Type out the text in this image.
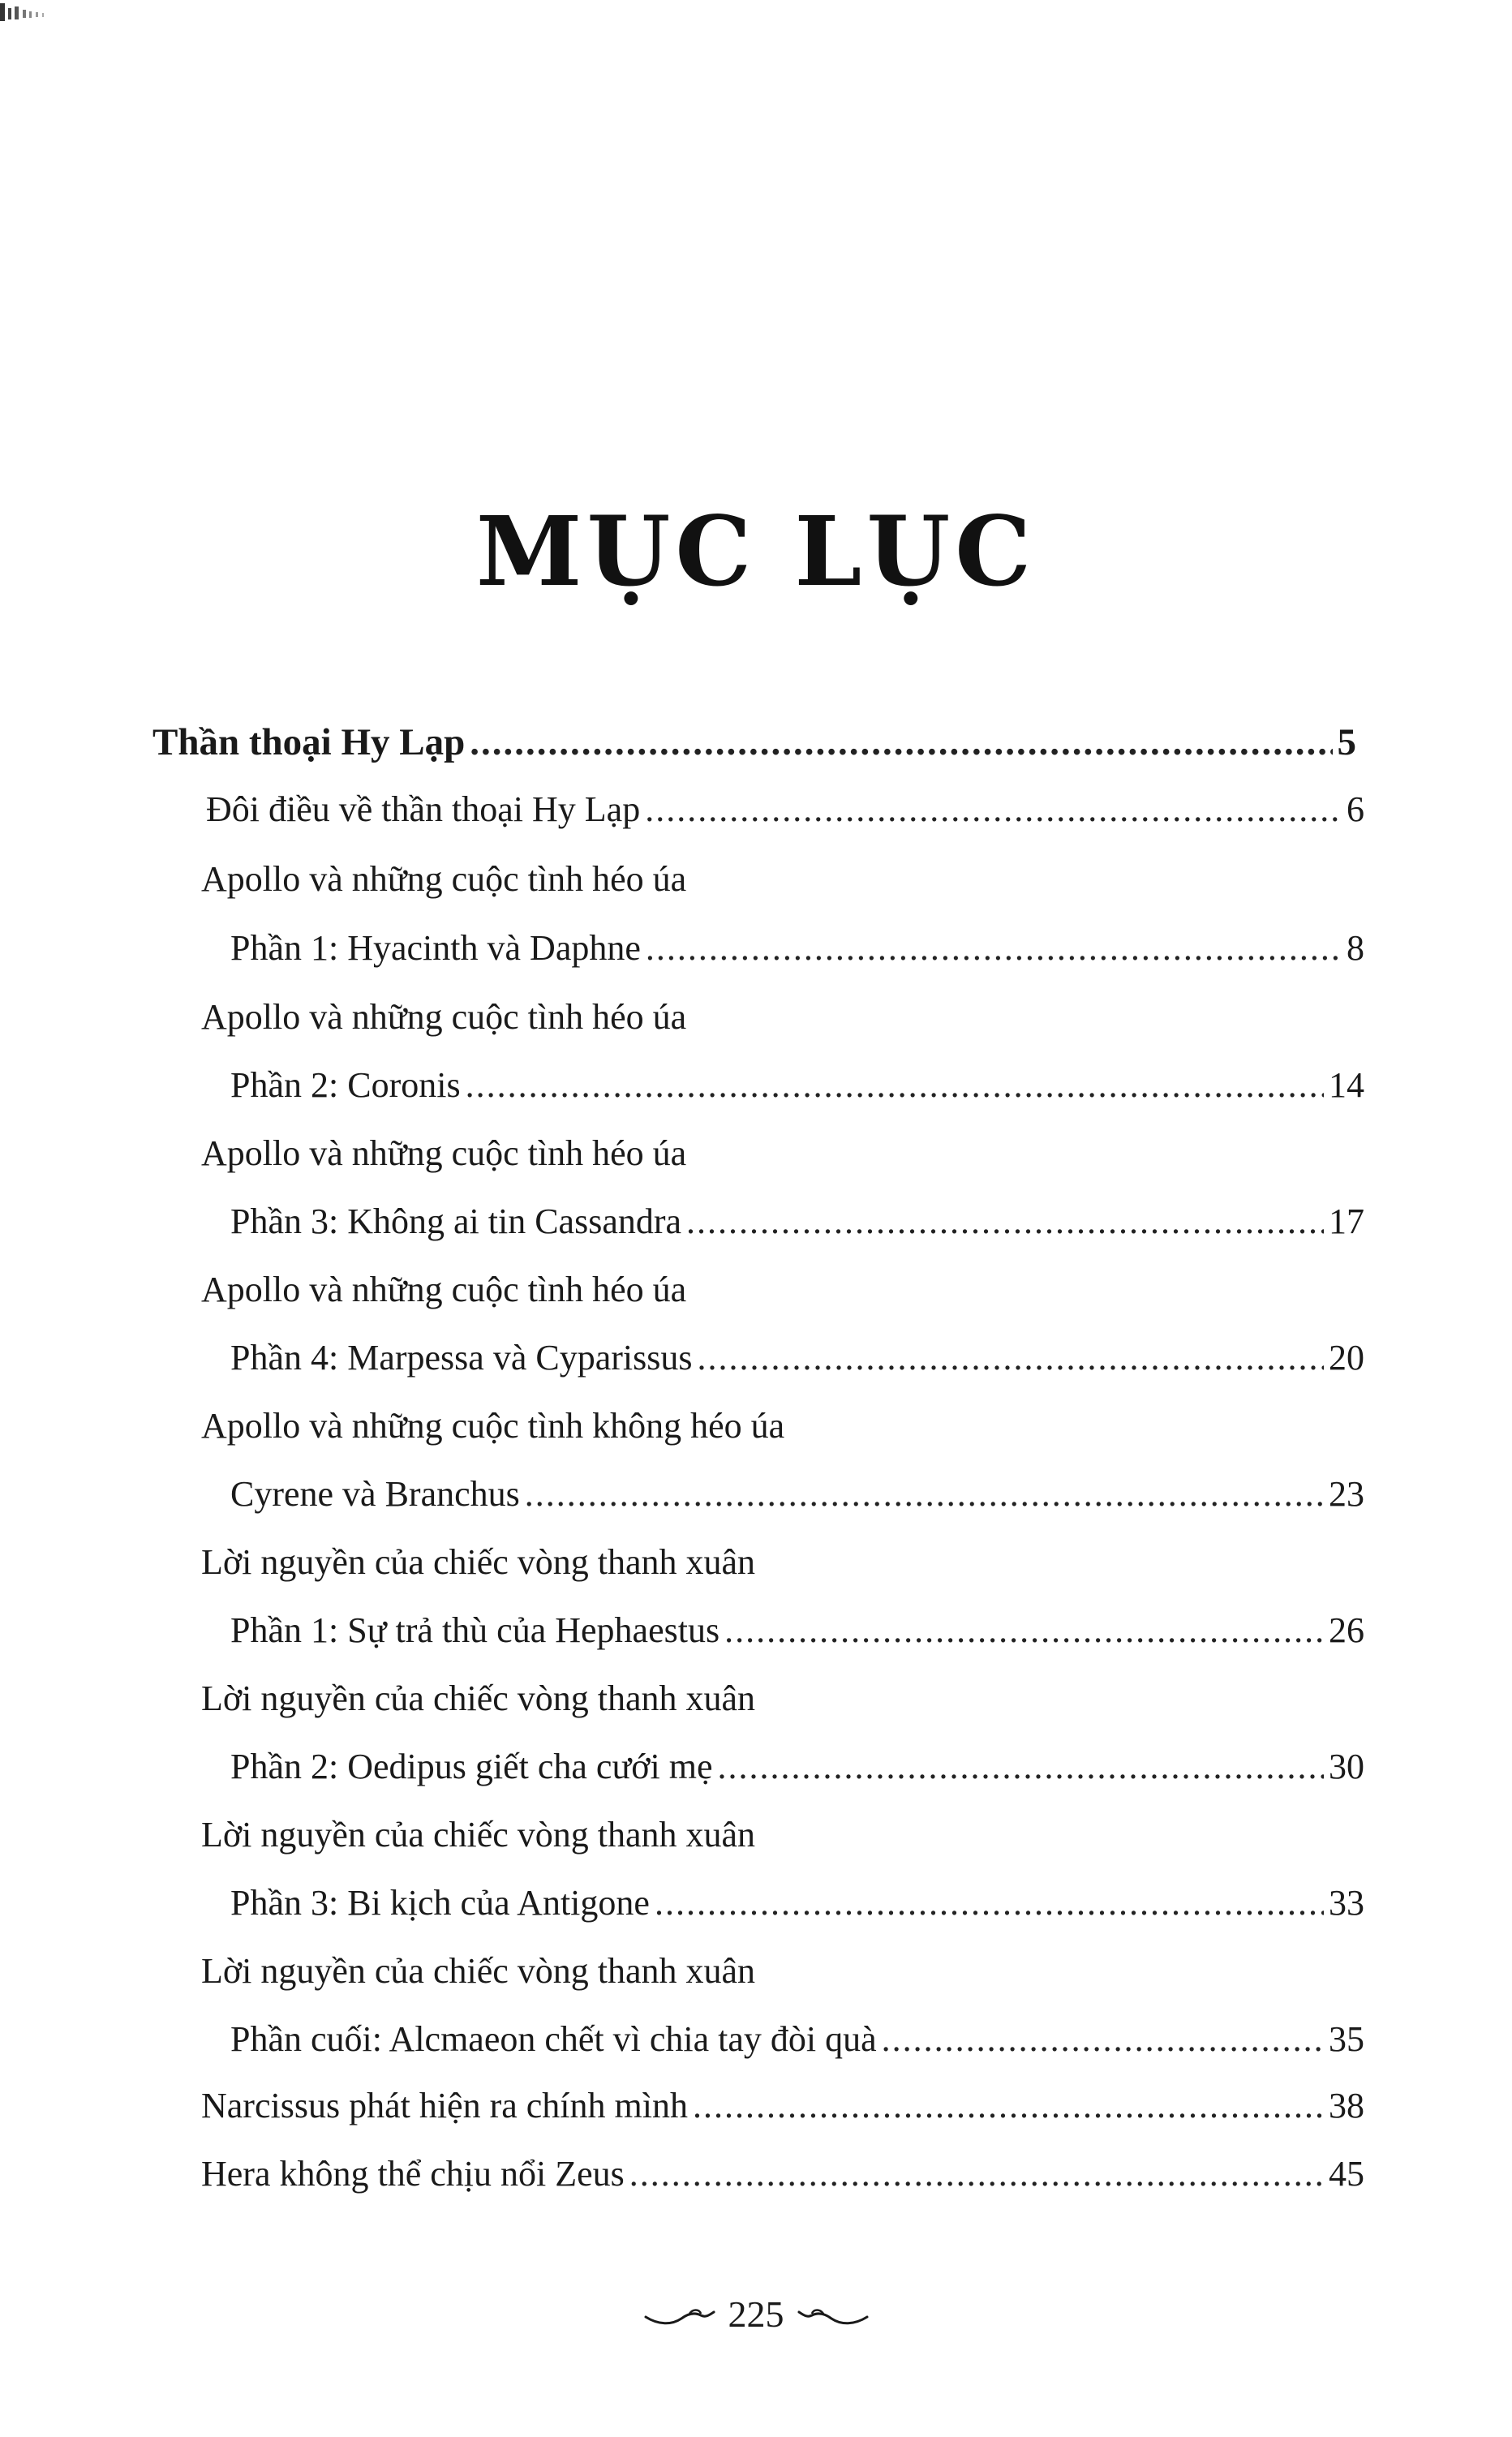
MỤC LỤC
Thần thoại Hy Lạp .....	5
Đôi điều về thần thoại Hy Lạp .....	6
Apollo và những cuộc tình héo úa
Phần 1: Hyacinth và Daphne .....	8
Apollo và những cuộc tình héo úa
Phần 2: Coronis .....	14
Apollo và những cuộc tình héo úa
Phần 3: Không ai tin Cassandra .....	17
Apollo và những cuộc tình héo úa
Phần 4: Marpessa và Cyparissus .....	20
Apollo và những cuộc tình không héo úa
Cyrene và Branchus .....	23
Lời nguyền của chiếc vòng thanh xuân
Phần 1: Sự trả thù của Hephaestus .....	26
Lời nguyền của chiếc vòng thanh xuân
Phần 2: Oedipus giết cha cưới mẹ .....	30
Lời nguyền của chiếc vòng thanh xuân
Phần 3: Bi kịch của Antigone .....	33
Lời nguyền của chiếc vòng thanh xuân
Phần cuối: Alcmaeon chết vì chia tay đòi quà .....	35
Narcissus phát hiện ra chính mình .....	38
Hera không thể chịu nổi Zeus .....	45
225
